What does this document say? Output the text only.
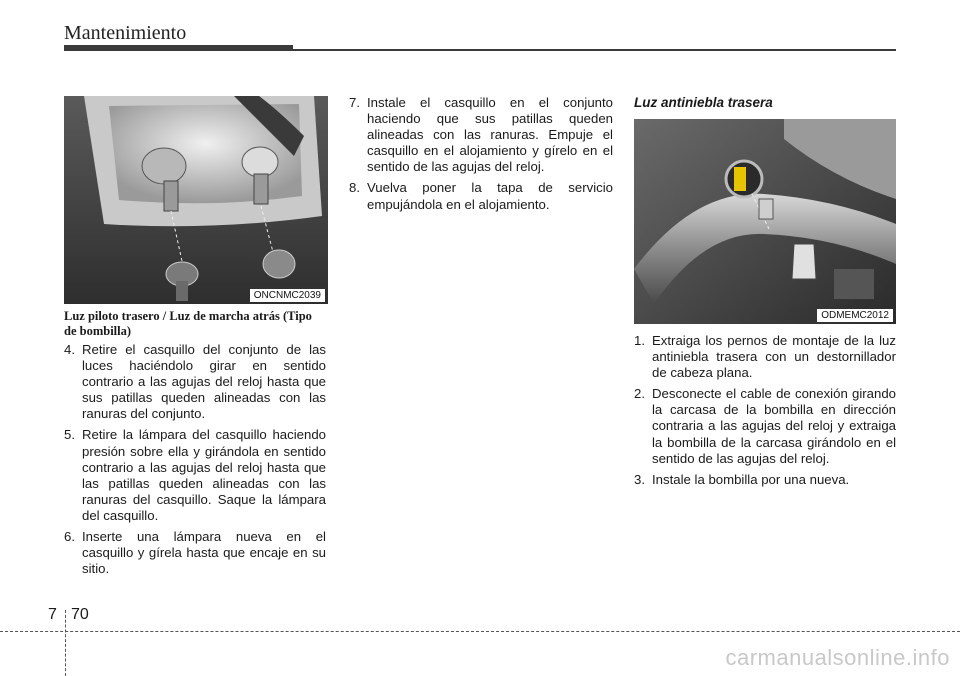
Mantenimiento
ONCNMC2039
Luz piloto trasero / Luz de marcha atrás (Tipo de bombilla)
4. Retire el casquillo del conjunto de las luces haciéndolo girar en sentido contrario a las agujas del reloj hasta que sus patillas queden alineadas con las ranuras del conjunto.
5. Retire la lámpara del casquillo haciendo presión sobre ella y girándola en sentido contrario a las agujas del reloj hasta que las patillas queden alineadas con las ranuras del casquillo. Saque la lámpara del casquillo.
6. Inserte una lámpara nueva en el casquillo y gírela hasta que encaje en su sitio.
7. Instale el casquillo en el conjunto haciendo que sus patillas queden alineadas con las ranuras. Empuje el casquillo en el alojamiento y gírelo en el sentido de las agujas del reloj.
8. Vuelva poner la tapa de servicio empujándola en el alojamiento.
Luz antiniebla trasera
ODMEMC2012
1. Extraiga los pernos de montaje de la luz antiniebla trasera con un destornillador de cabeza plana.
2. Desconecte el cable de conexión girando la carcasa de la bombilla en dirección contraria a las agujas del reloj y extraiga la bombilla de la carcasa girándolo en el sentido de las agujas del reloj.
3. Instale la bombilla por una nueva.
7 70
carmanualsonline.info
